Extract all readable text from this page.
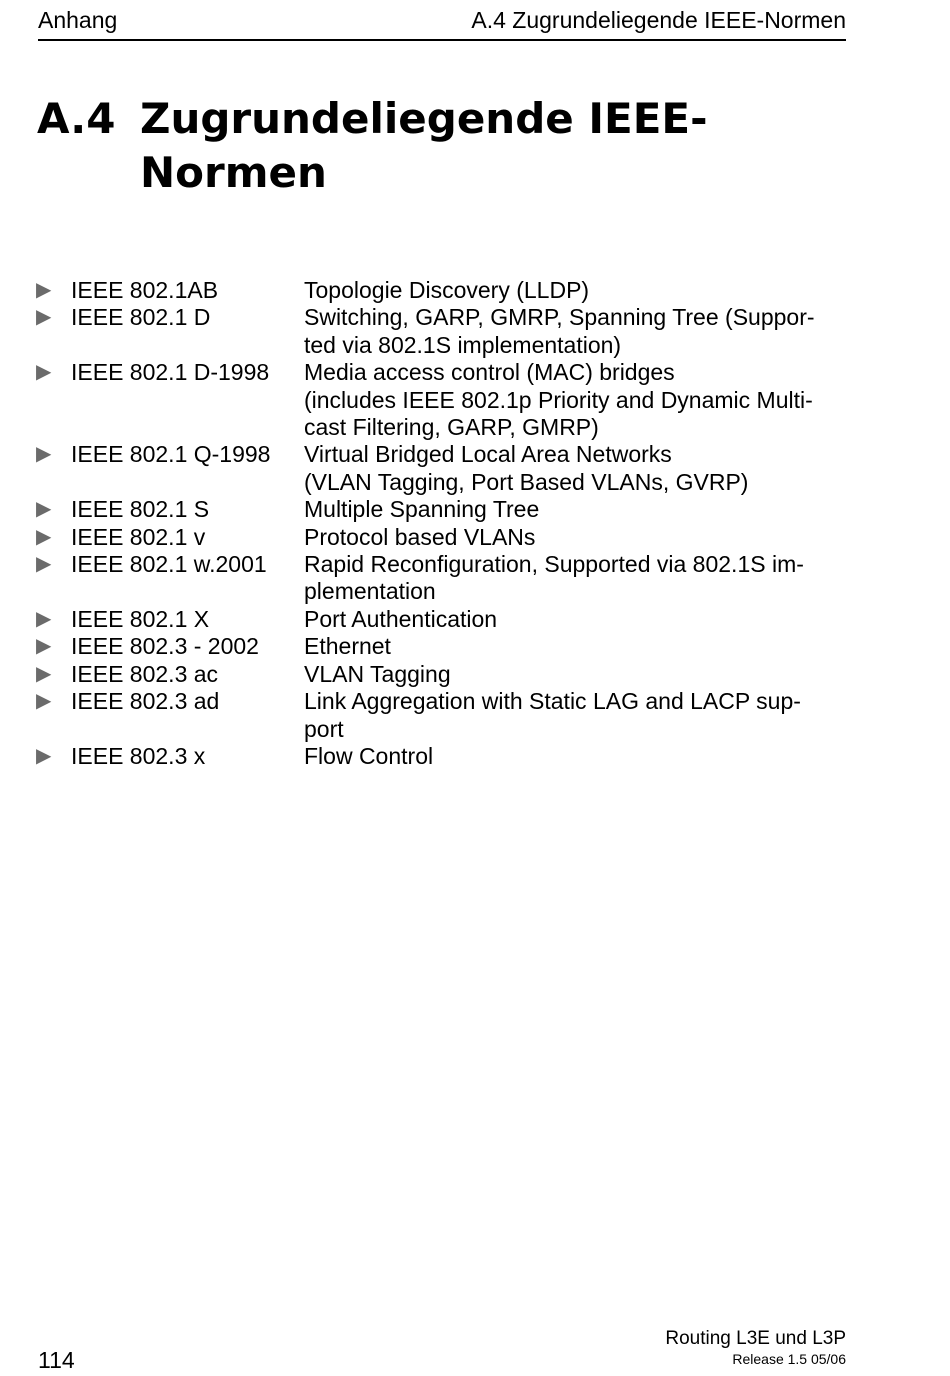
Anhang	A.4 Zugrundeliegende IEEE-Normen
A.4 Zugrundeliegende IEEE-
Normen
▶ IEEE 802.1AB	Topologie Discovery (LLDP)
▶ IEEE 802.1 D	Switching, GARP, GMRP, Spanning Tree (Suppor-
ted via 802.1S implementation)
▶ IEEE 802.1 D-1998	Media access control (MAC) bridges
(includes IEEE 802.1p Priority and Dynamic Multi-
cast Filtering, GARP, GMRP)
▶ IEEE 802.1 Q-1998	Virtual Bridged Local Area Networks
(VLAN Tagging, Port Based VLANs, GVRP)
▶ IEEE 802.1 S	Multiple Spanning Tree
▶ IEEE 802.1 v	Protocol based VLANs
▶ IEEE 802.1 w.2001	Rapid Reconfiguration, Supported via 802.1S im-
plementation
▶ IEEE 802.1 X	Port Authentication
▶ IEEE 802.3 - 2002	Ethernet
▶ IEEE 802.3 ac	VLAN Tagging
▶ IEEE 802.3 ad	Link Aggregation with Static LAG and LACP sup-
port
▶ IEEE 802.3 x	Flow Control
114
Routing L3E und L3P
Release 1.5 05/06
